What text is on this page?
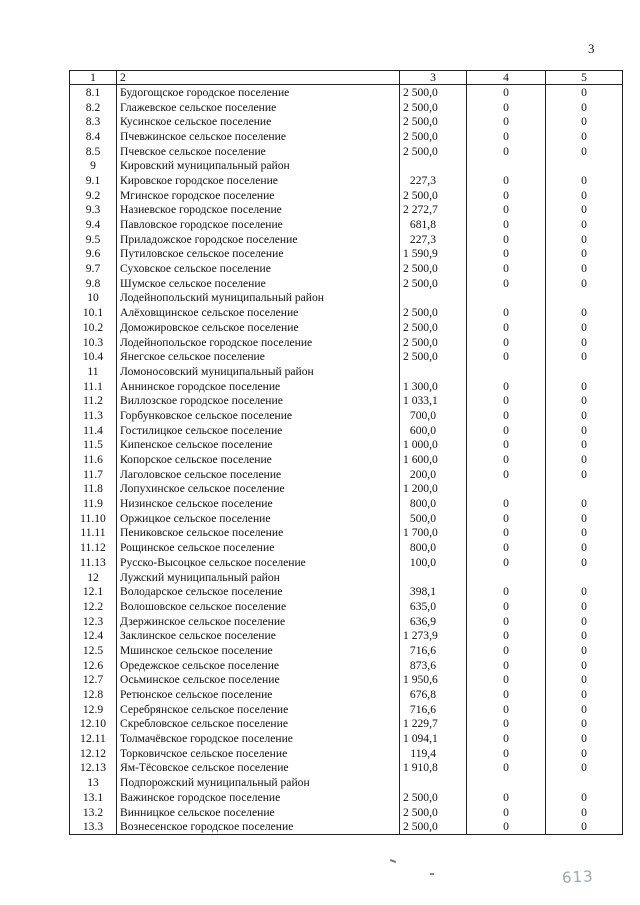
3
1	2	3	4	5
8.1	Будогощское городское поселение	2 500,0	0	0
8.2	Глажевское сельское поселение	2 500,0	0	0
8.3	Кусинское сельское поселение	2 500,0	0	0
8.4	Пчевжинское сельское поселение	2 500,0	0	0
8.5	Пчевское сельское поселение	2 500,0	0	0
9	Кировский муниципальный район			
9.1	Кировское городское поселение	227,3	0	0
9.2	Мгинское городское поселение	2 500,0	0	0
9.3	Назиевское городское поселение	2 272,7	0	0
9.4	Павловское городское поселение	681,8	0	0
9.5	Приладожское городское поселение	227,3	0	0
9.6	Путиловское сельское поселение	1 590,9	0	0
9.7	Суховское сельское поселение	2 500,0	0	0
9.8	Шумское сельское поселение	2 500,0	0	0
10	Лодейнопольский муниципальный район			
10.1	Алёховщинское сельское поселение	2 500,0	0	0
10.2	Доможировское сельское поселение	2 500,0	0	0
10.3	Лодейнопольское городское поселение	2 500,0	0	0
10.4	Янегское сельское поселение	2 500,0	0	0
11	Ломоносовский муниципальный район			
11.1	Аннинское городское поселение	1 300,0	0	0
11.2	Виллозское городское поселение	1 033,1	0	0
11.3	Горбунковское сельское поселение	700,0	0	0
11.4	Гостилицкое сельское поселение	600,0	0	0
11.5	Кипенское сельское поселение	1 000,0	0	0
11.6	Копорское сельское поселение	1 600,0	0	0
11.7	Лаголовское сельское поселение	200,0	0	0
11.8	Лопухинское сельское поселение	1 200,0		
11.9	Низинское сельское поселение	800,0	0	0
11.10	Оржицкое сельское поселение	500,0	0	0
11.11	Пениковское сельское поселение	1 700,0	0	0
11.12	Рощинское сельское поселение	800,0	0	0
11.13	Русско-Высоцкое сельское поселение	100,0	0	0
12	Лужский муниципальный район			
12.1	Володарское сельское поселение	398,1	0	0
12.2	Волошовское сельское поселение	635,0	0	0
12.3	Дзержинское сельское поселение	636,9	0	0
12.4	Заклинское сельское поселение	1 273,9	0	0
12.5	Мшинское сельское поселение	716,6	0	0
12.6	Оредежское сельское поселение	873,6	0	0
12.7	Осьминское сельское поселение	1 950,6	0	0
12.8	Ретюнское сельское поселение	676,8	0	0
12.9	Серебрянское сельское поселение	716,6	0	0
12.10	Скребловское сельское поселение	1 229,7	0	0
12.11	Толмачёвское городское поселение	1 094,1	0	0
12.12	Торковичское сельское поселение	119,4	0	0
12.13	Ям-Тёсовское сельское поселение	1 910,8	0	0
13	Подпорожский муниципальный район			
13.1	Важинское городское поселение	2 500,0	0	0
13.2	Винницкое сельское поселение	2 500,0	0	0
13.3	Вознесенское городское поселение	2 500,0	0	0
613
